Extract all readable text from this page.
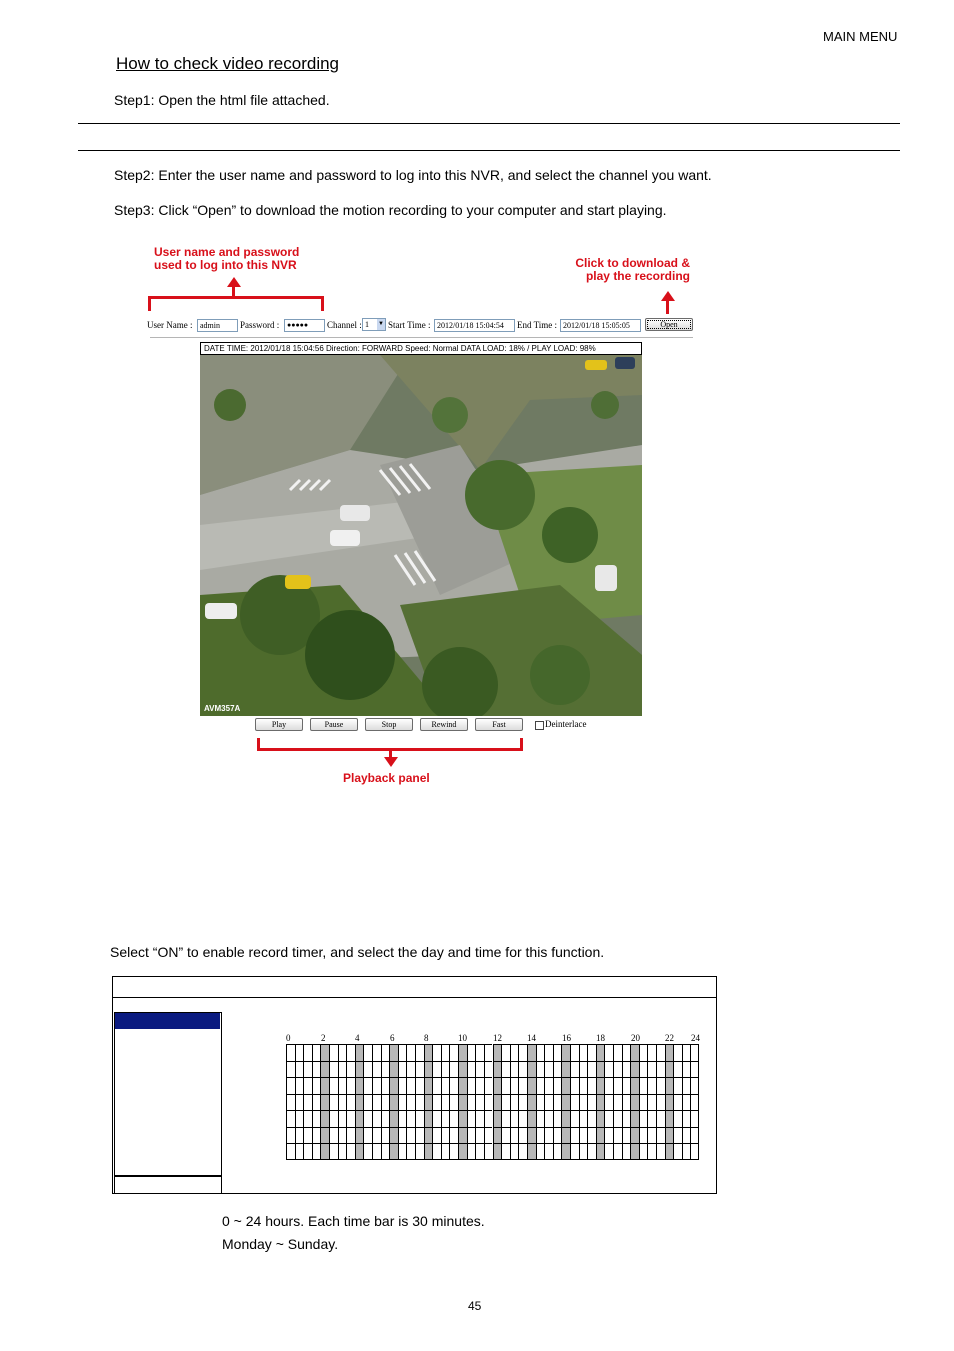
MAIN MENU
How to check video recording
Step1: Open the html file attached.
Step2: Enter the user name and password to log into this NVR, and select the channel you want.
Step3: Click “Open” to download the motion recording to your computer and start playing.
User name and password
used to log into this NVR	Click to download &
play the recording
User Name : admin	Password :	●●●●●	Channel : 1 ▼ Start Time : 2012/01/18 15:04:54	End Time : 2012/01/18 15:05:05	Open
DATE TIME: 2012/01/18 15:04:56 Direction: FORWARD Speed: Normal DATA LOAD: 18% / PLAY LOAD: 98%
AVM357A
Play	Pause	Stop	Rewind	Fast	Deinterlace
Playback panel
Select “ON” to enable record timer, and select the day and time for this function.
0	2	4	6	8	10	12	14	16	18	20	22 24
0 ~ 24 hours. Each time bar is 30 minutes.
Monday ~ Sunday.
45
